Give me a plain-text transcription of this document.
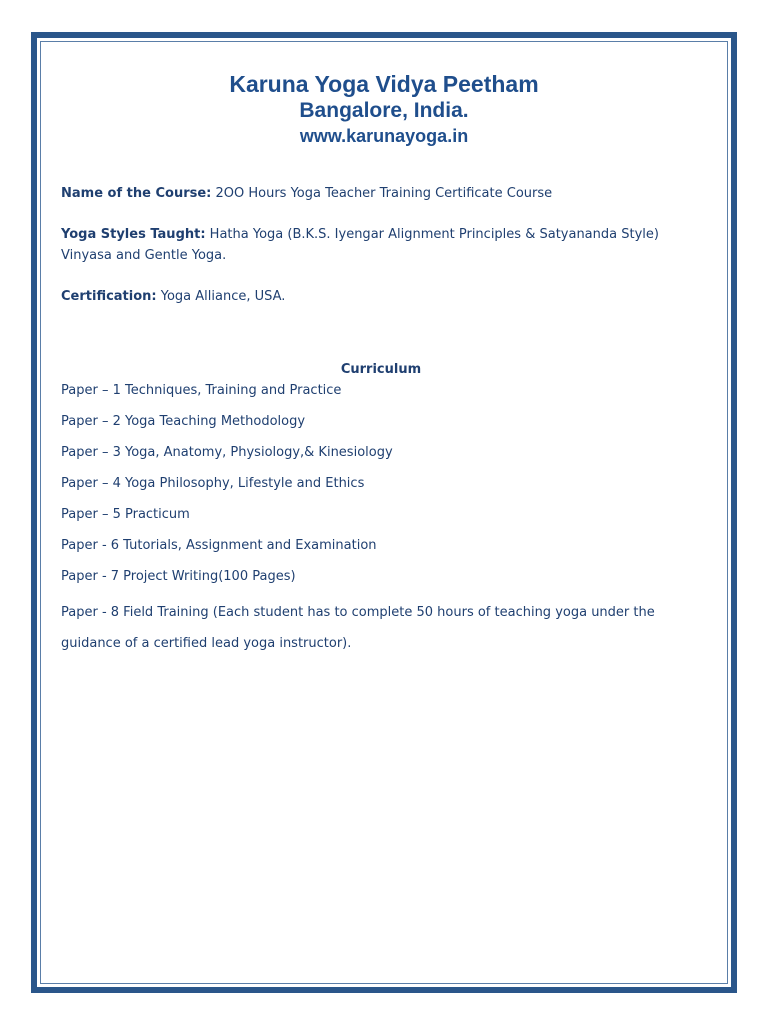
Karuna Yoga Vidya Peetham
Bangalore, India.
www.karunayoga.in

Name of the Course: 2OO Hours Yoga Teacher Training Certificate Course

Yoga Styles Taught: Hatha Yoga (B.K.S. Iyengar Alignment Principles & Satyananda Style) Vinyasa and Gentle Yoga.

Certification: Yoga Alliance, USA.

Curriculum
Paper – 1 Techniques, Training and Practice
Paper – 2 Yoga Teaching Methodology
Paper – 3 Yoga, Anatomy, Physiology,& Kinesiology
Paper – 4 Yoga Philosophy, Lifestyle and Ethics
Paper – 5 Practicum
Paper - 6 Tutorials, Assignment and Examination
Paper - 7 Project Writing(100 Pages)
Paper - 8 Field Training (Each student has to complete 50 hours of teaching yoga under the guidance of a certified lead yoga instructor).
